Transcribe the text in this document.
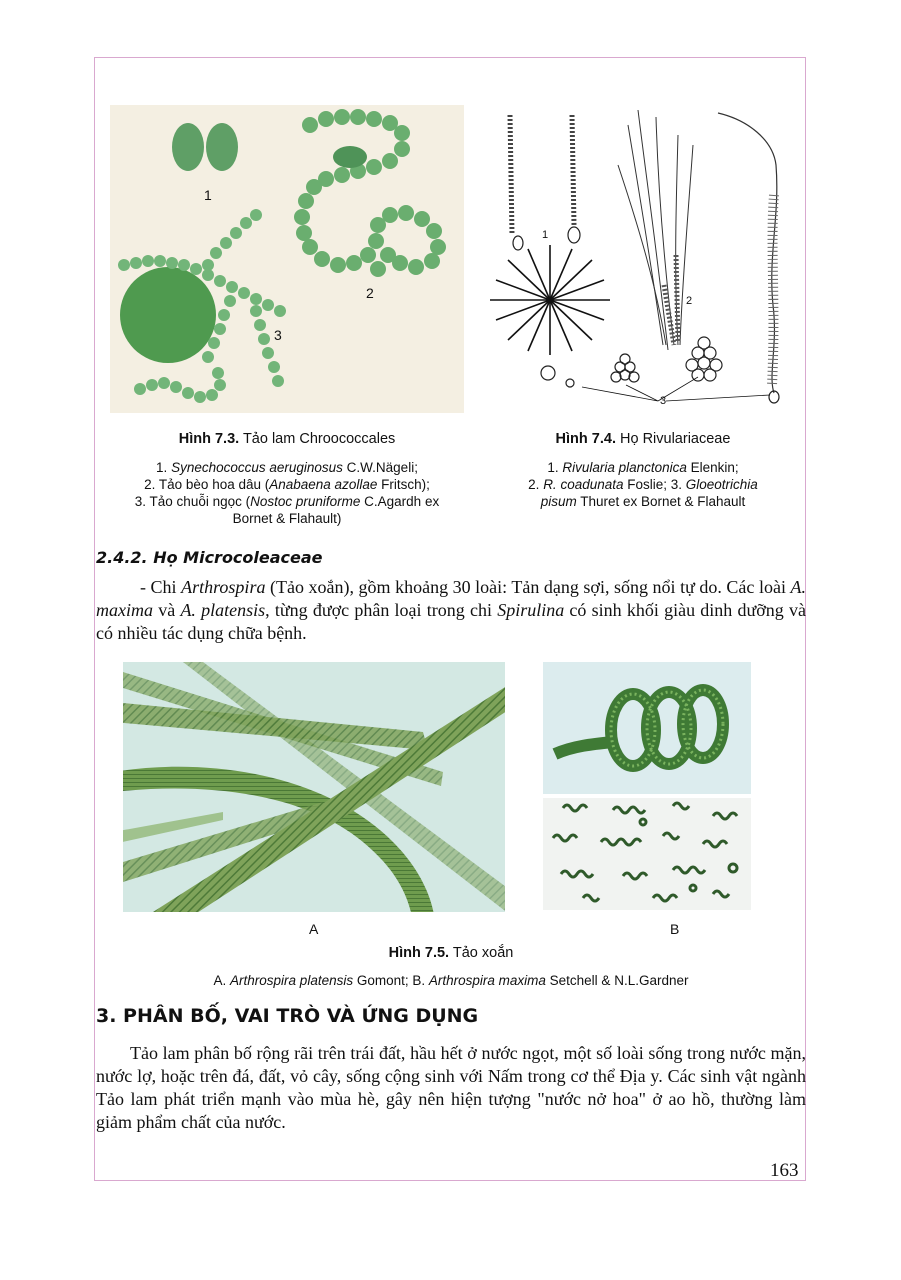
1
2
3
1
2
3
Hình 7.3. Tảo lam Chroococcales
1. Synechococcus aeruginosus C.W.Nägeli;
2. Tảo bèo hoa dâu (Anabaena azollae Fritsch);
3. Tảo chuỗi ngọc (Nostoc pruniforme C.Agardh ex
Bornet & Flahault)
Hình 7.4. Họ Rivulariaceae
1. Rivularia planctonica Elenkin;
2. R. coadunata Foslie; 3. Gloeotrichia
pisum Thuret ex Bornet & Flahault
2.4.2. Họ Microcoleaceae
- Chi Arthrospira (Tảo xoắn), gồm khoảng 30 loài: Tản dạng sợi, sống nổi tự do. Các loài A. maxima và A. platensis, từng được phân loại trong chi Spirulina có sinh khối giàu dinh dưỡng và có nhiều tác dụng chữa bệnh.
A	B
Hình 7.5. Tảo xoắn
A. Arthrospira platensis Gomont; B. Arthrospira maxima Setchell & N.L.Gardner
3. PHÂN BỐ, VAI TRÒ VÀ ỨNG DỤNG
Tảo lam phân bố rộng rãi trên trái đất, hầu hết ở nước ngọt, một số loài sống trong nước mặn, nước lợ, hoặc trên đá, đất, vỏ cây, sống cộng sinh với Nấm trong cơ thể Địa y. Các sinh vật ngành Tảo lam phát triển mạnh vào mùa hè, gây nên hiện tượng "nước nở hoa" ở ao hồ, thường làm giảm phẩm chất của nước.
163
